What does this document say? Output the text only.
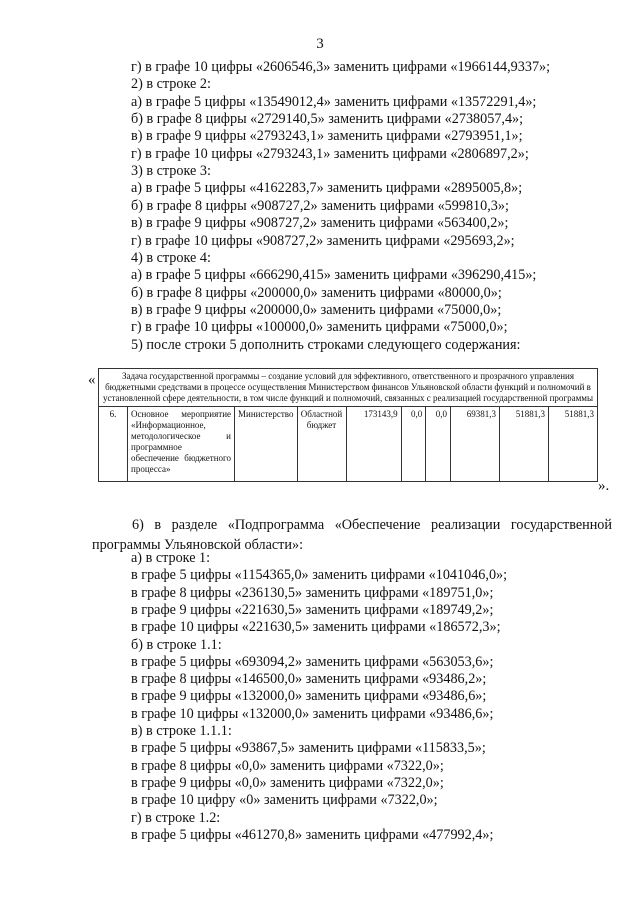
3
г) в графе 10 цифры «2606546,3» заменить цифрами «1966144,9337»;
2) в строке 2:
а) в графе 5 цифры «13549012,4» заменить цифрами «13572291,4»;
б) в графе 8 цифры «2729140,5» заменить цифрами «2738057,4»;
в) в графе 9 цифры «2793243,1» заменить цифрами «2793951,1»;
г) в графе 10 цифры «2793243,1» заменить цифрами «2806897,2»;
3) в строке 3:
а) в графе 5 цифры «4162283,7» заменить цифрами «2895005,8»;
б) в графе 8 цифры «908727,2» заменить цифрами «599810,3»;
в) в графе 9 цифры «908727,2» заменить цифрами «563400,2»;
г) в графе 10 цифры «908727,2» заменить цифрами «295693,2»;
4) в строке 4:
а) в графе 5 цифры «666290,415» заменить цифрами «396290,415»;
б) в графе 8 цифры «200000,0» заменить цифрами «80000,0»;
в) в графе 9 цифры «200000,0» заменить цифрами «75000,0»;
г) в графе 10 цифры «100000,0» заменить цифрами «75000,0»;
5) после строки 5 дополнить строками следующего содержания:
«	Задача государственной программы – создание условий для эффективного, ответственного и прозрачного управления бюджетными средствами в процессе осуществления Министерством финансов Ульяновской области функций и полномочий в установленной сфере деятельности, в том числе функций и полномочий, связанных с реализацией государственной программы
6.	Основное мероприятие «Информационное, методологическое и программное обеспечение бюджетного процесса»	Министерство	Областной бюджет	173143,9	0,0	0,0	69381,3	51881,3	51881,3
».
6) в разделе «Подпрограмма «Обеспечение реализации государственной программы Ульяновской области»:
а) в строке 1:
в графе 5 цифры «1154365,0» заменить цифрами «1041046,0»;
в графе 8 цифры «236130,5» заменить цифрами «189751,0»;
в графе 9 цифры «221630,5» заменить цифрами «189749,2»;
в графе 10 цифры «221630,5» заменить цифрами «186572,3»;
б) в строке 1.1:
в графе 5 цифры «693094,2» заменить цифрами «563053,6»;
в графе 8 цифры «146500,0» заменить цифрами «93486,2»;
в графе 9 цифры «132000,0» заменить цифрами «93486,6»;
в графе 10 цифры «132000,0» заменить цифрами «93486,6»;
в) в строке 1.1.1:
в графе 5 цифры «93867,5» заменить цифрами «115833,5»;
в графе 8 цифры «0,0» заменить цифрами «7322,0»;
в графе 9 цифры «0,0» заменить цифрами «7322,0»;
в графе 10 цифру «0» заменить цифрами «7322,0»;
г) в строке 1.2:
в графе 5 цифры «461270,8» заменить цифрами «477992,4»;
